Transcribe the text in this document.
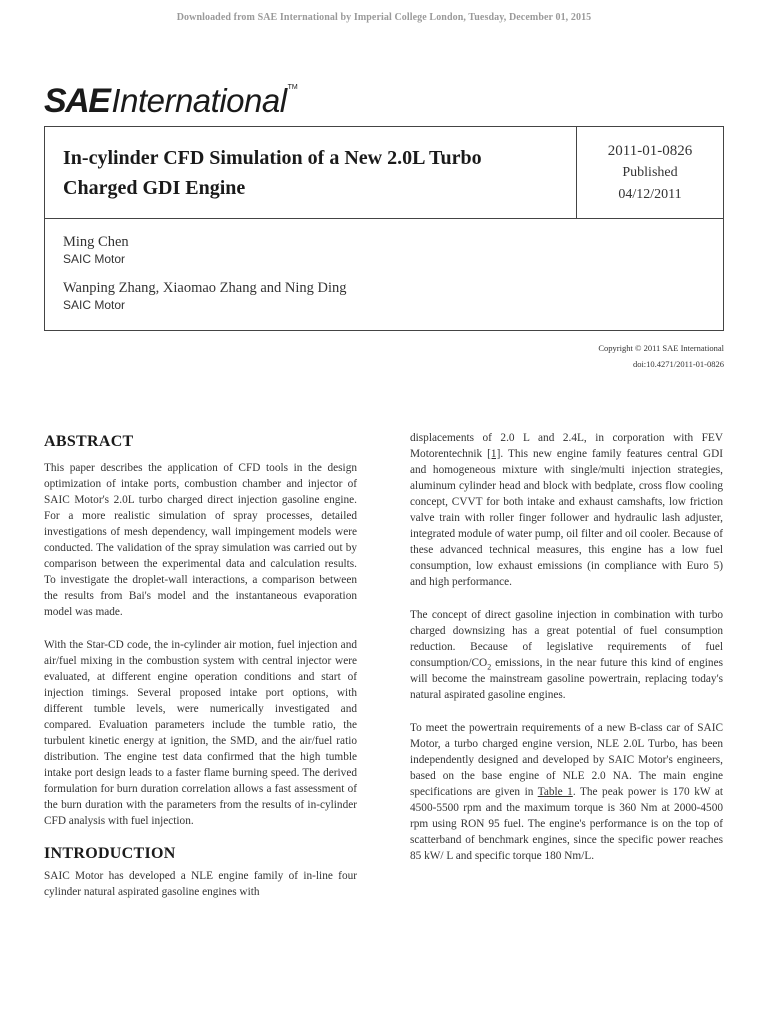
Downloaded from SAE International by Imperial College London, Tuesday, December 01, 2015
SAE International TM
In-cylinder CFD Simulation of a New 2.0L Turbo Charged GDI Engine
2011-01-0826
Published
04/12/2011
Ming Chen
SAIC Motor
Wanping Zhang, Xiaomao Zhang and Ning Ding
SAIC Motor
Copyright © 2011 SAE International
doi:10.4271/2011-01-0826
ABSTRACT

This paper describes the application of CFD tools in the design optimization of intake ports, combustion chamber and injector of SAIC Motor's 2.0L turbo charged direct injection gasoline engine. For a more realistic simulation of spray processes, detailed investigations of mesh dependency, wall impingement models were conducted. The validation of the spray simulation was carried out by comparison between the experimental data and calculation results. To investigate the droplet-wall interactions, a comparison between the results from Bai's model and the instantaneous evaporation model was made.

With the Star-CD code, the in-cylinder air motion, fuel injection and air/fuel mixing in the combustion system with central injector were evaluated, at different engine operation conditions and start of injection timings. Several proposed intake port options, with different tumble levels, were numerically investigated and compared. Evaluation parameters include the tumble ratio, the turbulent kinetic energy at ignition, the SMD, and the air/fuel ratio distribution. The engine test data confirmed that the high tumble intake port design leads to a faster flame burning speed. The derived formulation for burn duration correlation allows a fast assessment of the burn duration with the parameters from the results of in-cylinder CFD analysis with fuel injection.

INTRODUCTION

SAIC Motor has developed a NLE engine family of in-line four cylinder natural aspirated gasoline engines with

displacements of 2.0 L and 2.4L, in corporation with FEV Motorentechnik [1]. This new engine family features central GDI and homogeneous mixture with single/multi injection strategies, aluminum cylinder head and block with bedplate, cross flow cooling concept, CVVT for both intake and exhaust camshafts, low friction valve train with roller finger follower and hydraulic lash adjuster, integrated module of water pump, oil filter and oil cooler. Because of these advanced technical measures, this engine has a low fuel consumption, low exhaust emissions (in compliance with Euro 5) and high performance.

The concept of direct gasoline injection in combination with turbo charged downsizing has a great potential of fuel consumption reduction. Because of legislative requirements of fuel consumption/$CO_2$ emissions, in the near future this kind of engines will become the mainstream gasoline powertrain, replacing today's natural aspirated gasoline engines.

To meet the powertrain requirements of a new B-class car of SAIC Motor, a turbo charged engine version, NLE 2.0L Turbo, has been independently designed and developed by SAIC Motor's engineers, based on the base engine of NLE 2.0 NA. The main engine specifications are given in Table 1. The peak power is 170 kW at 4500-5500 rpm and the maximum torque is 360 Nm at 2000-4500 rpm using RON 95 fuel. The engine's performance is on the top of scatterband of benchmark engines, since the specific power reaches 85 kW/ L and specific torque 180 Nm/L.
